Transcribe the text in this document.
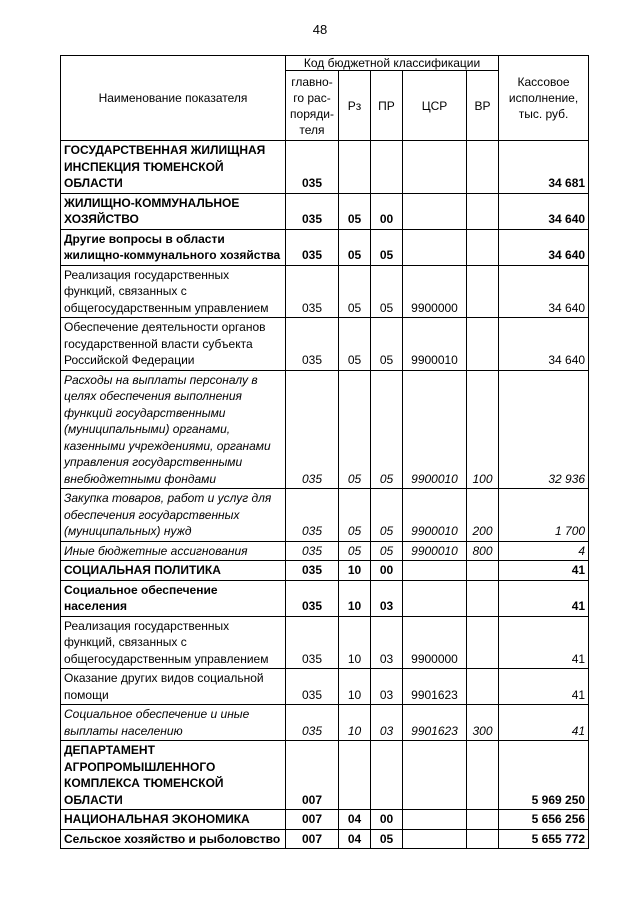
48
Наименование показателя	Код бюджетной классификации					Кассовое исполнение, тыс. руб.
	главно-го рас-поряди-теля	Рз	ПР	ЦСР	ВР	
ГОСУДАРСТВЕННАЯ ЖИЛИЩНАЯ ИНСПЕКЦИЯ ТЮМЕНСКОЙ ОБЛАСТИ	035					34 681
ЖИЛИЩНО-КОММУНАЛЬНОЕ ХОЗЯЙСТВО	035	05	00			34 640
Другие вопросы в области жилищно-коммунального хозяйства	035	05	05			34 640
Реализация государственных функций, связанных с общегосударственным управлением	035	05	05	9900000		34 640
Обеспечение деятельности органов государственной власти субъекта Российской Федерации	035	05	05	9900010		34 640
Расходы на выплаты персоналу в целях обеспечения выполнения функций государственными (муниципальными) органами, казенными учреждениями, органами управления государственными внебюджетными фондами	035	05	05	9900010	100	32 936
Закупка товаров, работ и услуг для обеспечения государственных (муниципальных) нужд	035	05	05	9900010	200	1 700
Иные бюджетные ассигнования	035	05	05	9900010	800	4
СОЦИАЛЬНАЯ ПОЛИТИКА	035	10	00			41
Социальное обеспечение населения	035	10	03			41
Реализация государственных функций, связанных с общегосударственным управлением	035	10	03	9900000		41
Оказание других видов социальной помощи	035	10	03	9901623		41
Социальное обеспечение и иные выплаты населению	035	10	03	9901623	300	41
ДЕПАРТАМЕНТ АГРОПРОМЫШЛЕННОГО КОМПЛЕКСА ТЮМЕНСКОЙ ОБЛАСТИ	007					5 969 250
НАЦИОНАЛЬНАЯ ЭКОНОМИКА	007	04	00			5 656 256
Сельское хозяйство и рыболовство	007	04	05			5 655 772
